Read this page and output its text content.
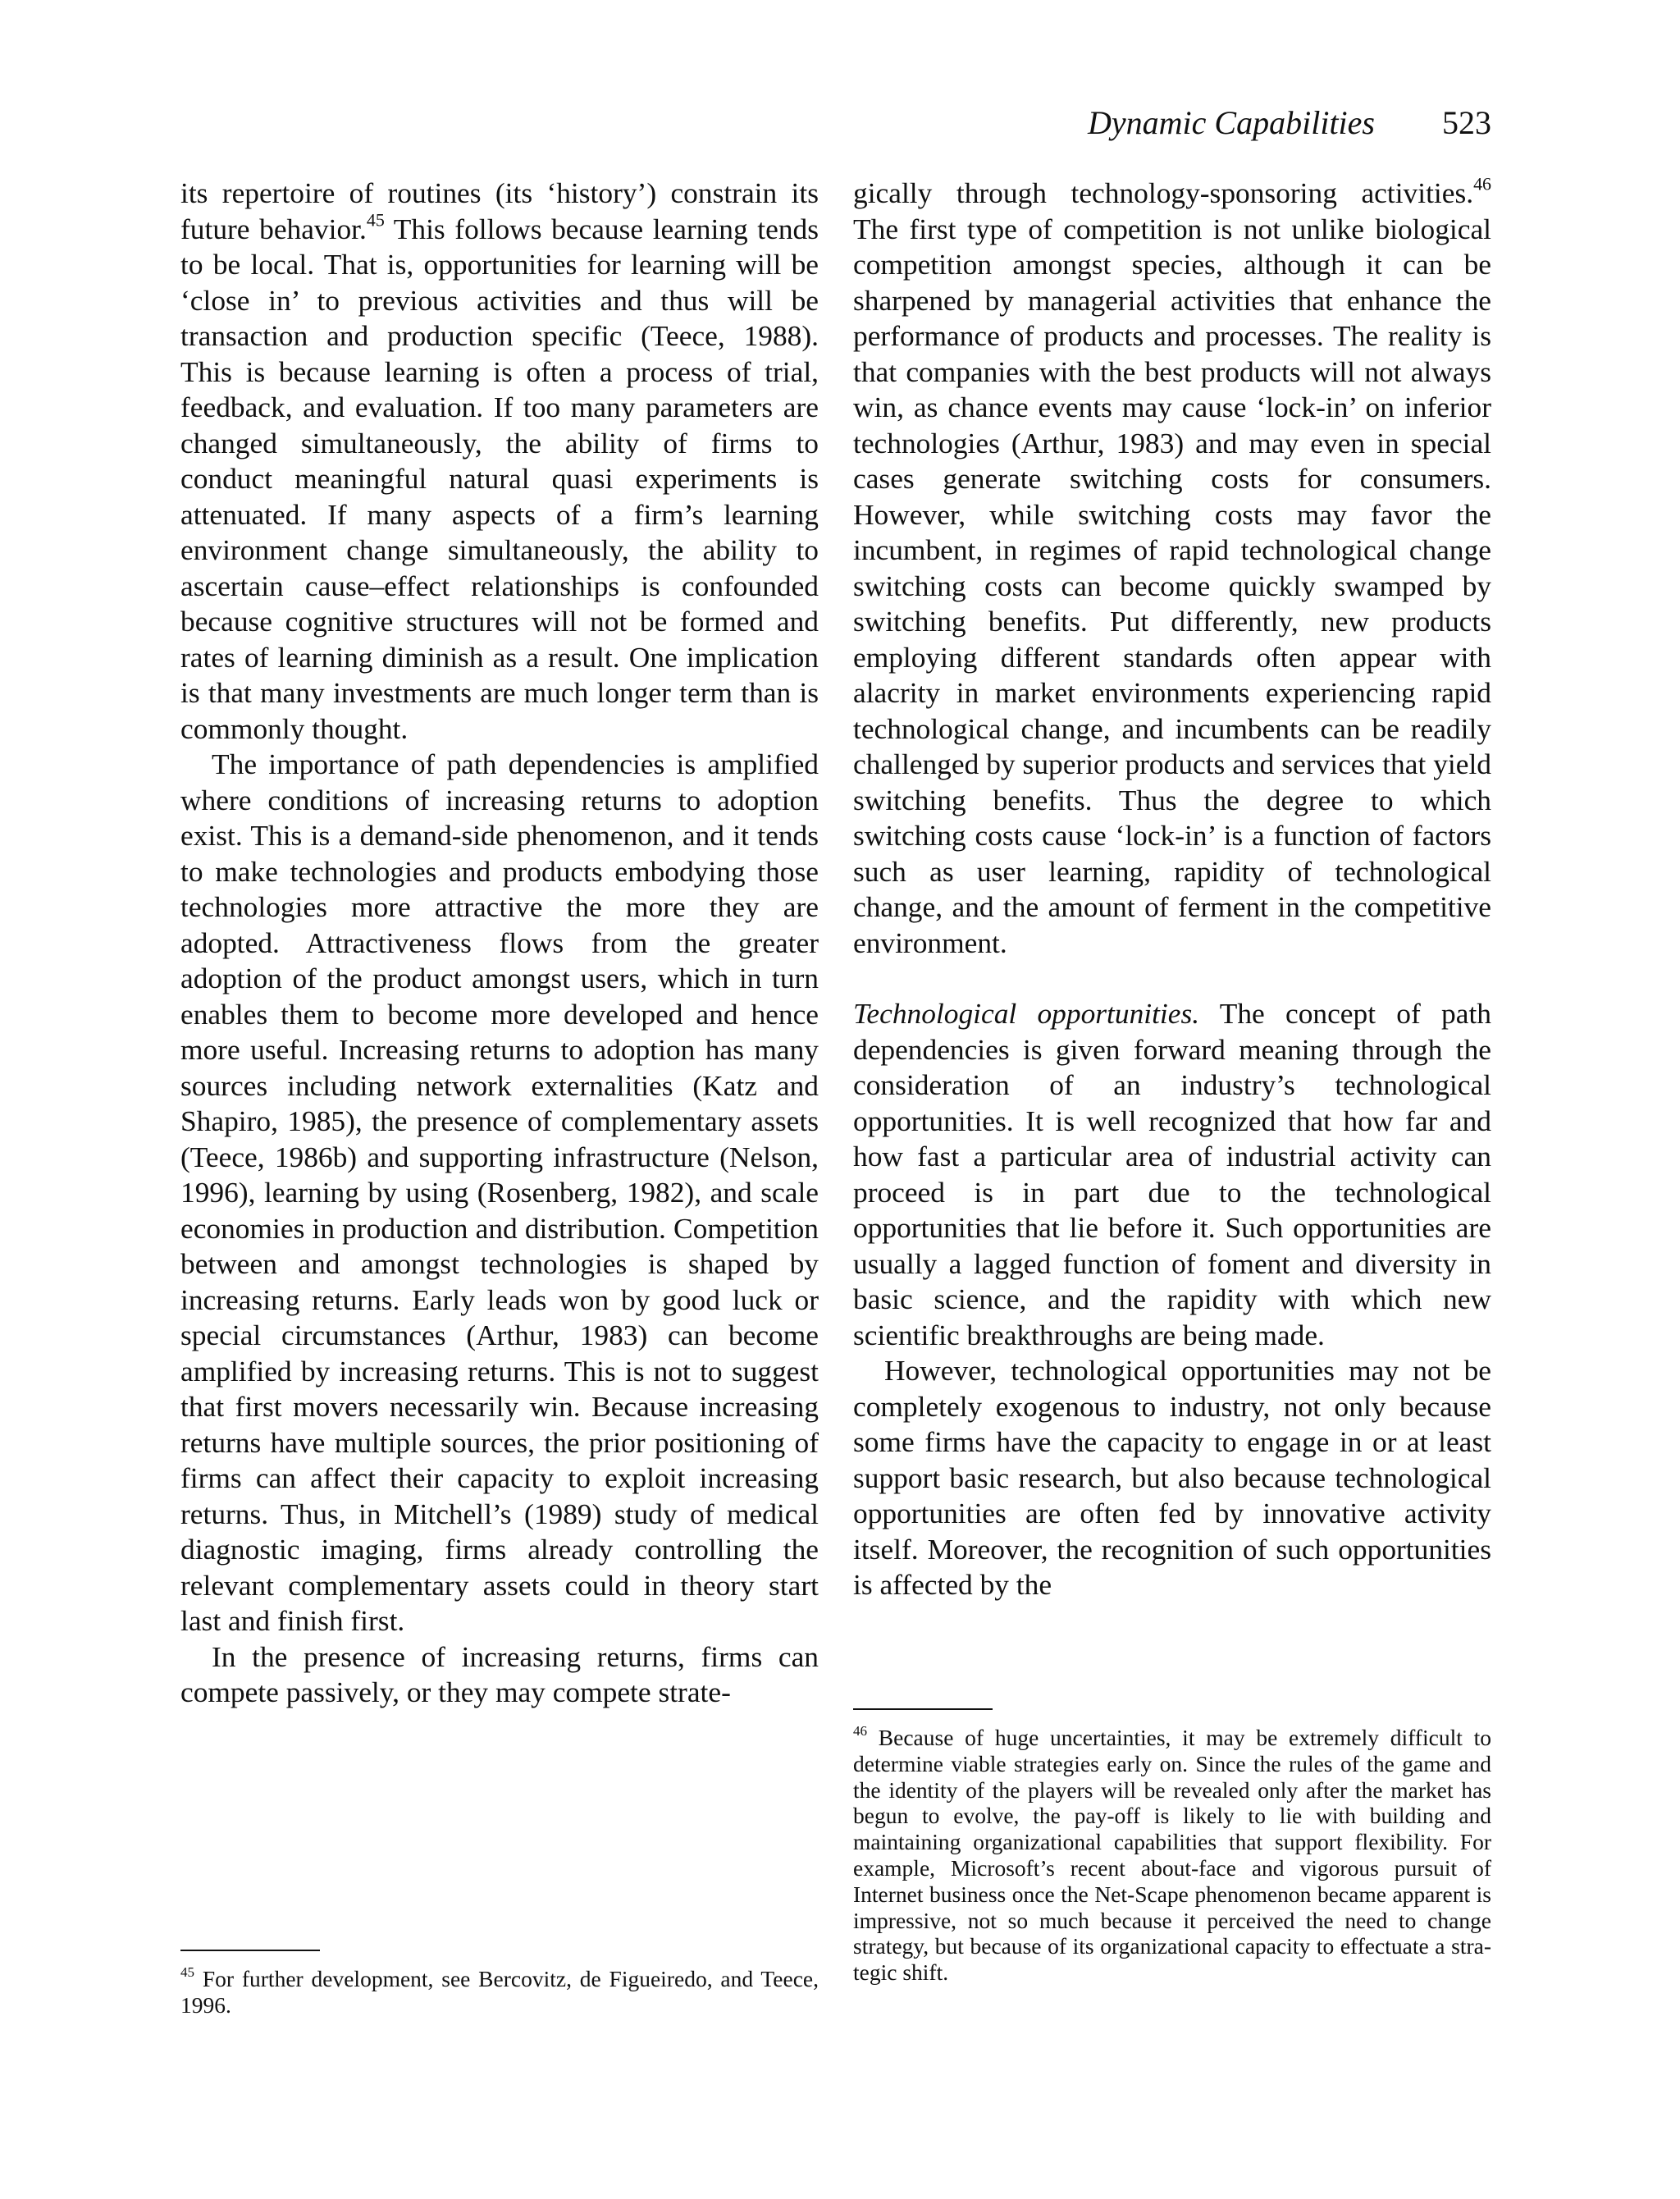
Dynamic Capabilities 523

its repertoire of routines (its ‘history’) constrain its future behavior.$^{45}$ This follows because learning tends to be local. That is, opportunities for learning will be ‘close in’ to previous activities and thus will be transaction and production specific (Teece, 1988). This is because learning is often a process of trial, feedback, and evaluation. If too many parameters are changed simultaneously, the ability of firms to conduct meaningful natural quasi experiments is attenuated. If many aspects of a firm’s learning environment change simultaneously, the ability to ascertain cause–effect relationships is confounded because cognitive structures will not be formed and rates of learning diminish as a result. One implication is that many investments are much longer term than is commonly thought.

The importance of path dependencies is amplified where conditions of increasing returns to adoption exist. This is a demand-side phenomenon, and it tends to make technologies and products embodying those technologies more attractive the more they are adopted. Attractiveness flows from the greater adoption of the product amongst users, which in turn enables them to become more developed and hence more useful. Increasing returns to adoption has many sources including network externalities (Katz and Shapiro, 1985), the presence of complementary assets (Teece, 1986b) and supporting infrastructure (Nelson, 1996), learning by using (Rosenberg, 1982), and scale economies in production and distribution. Competition between and amongst technologies is shaped by increasing returns. Early leads won by good luck or special circumstances (Arthur, 1983) can become amplified by increasing returns. This is not to suggest that first movers necessarily win. Because increasing returns have multiple sources, the prior positioning of firms can affect their capacity to exploit increasing returns. Thus, in Mitchell’s (1989) study of medical diagnostic imaging, firms already controlling the relevant complementary assets could in theory start last and finish first.

In the presence of increasing returns, firms can compete passively, or they may compete strate-

gically through technology-sponsoring activities.$^{46}$ The first type of competition is not unlike biological competition amongst species, although it can be sharpened by managerial activities that enhance the performance of products and processes. The reality is that companies with the best products will not always win, as chance events may cause ‘lock-in’ on inferior technologies (Arthur, 1983) and may even in special cases generate switching costs for consumers. However, while switching costs may favor the incumbent, in regimes of rapid technological change switching costs can become quickly swamped by switching benefits. Put differently, new products employing different standards often appear with alacrity in market environments experiencing rapid technological change, and incumbents can be readily challenged by superior products and services that yield switching benefits. Thus the degree to which switching costs cause ‘lock-in’ is a function of factors such as user learning, rapidity of technological change, and the amount of ferment in the competitive environment.

Technological opportunities. The concept of path dependencies is given forward meaning through the consideration of an industry’s technological opportunities. It is well recognized that how far and how fast a particular area of industrial activity can proceed is in part due to the technological opportunities that lie before it. Such opportunities are usually a lagged function of foment and diversity in basic science, and the rapidity with which new scientific breakthroughs are being made.

However, technological opportunities may not be completely exogenous to industry, not only because some firms have the capacity to engage in or at least support basic research, but also because technological opportunities are often fed by innovative activity itself. Moreover, the recognition of such opportunities is affected by the

$^{46}$ Because of huge uncertainties, it may be extremely difficult to determine viable strategies early on. Since the rules of the game and the identity of the players will be revealed only after the market has begun to evolve, the pay-off is likely to lie with building and maintaining organizational capabilities that support flexibility. For example, Microsoft’s recent about-face and vigorous pursuit of Internet business once the Net-Scape phenomenon became apparent is impressive, not so much because it perceived the need to change strategy, but because of its organizational capacity to effectuate a strategic shift.

$^{45}$ For further development, see Bercovitz, de Figueiredo, and Teece, 1996.
